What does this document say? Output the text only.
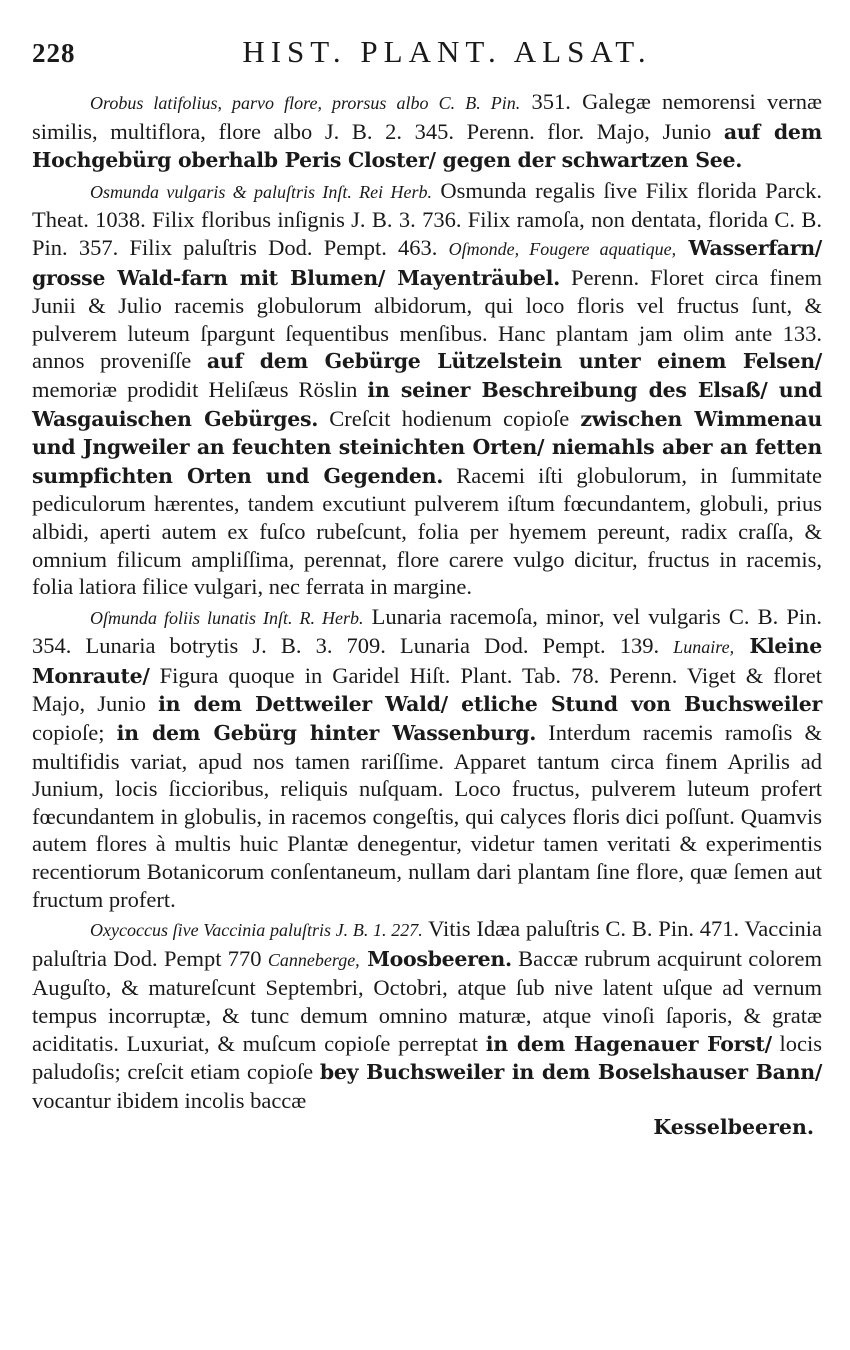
228	HIST. PLANT. ALSAT.

Orobus latifolius, parvo flore, prorsus albo C. B. Pin. 351. Galegæ nemorensi vernæ similis, multiflora, flore albo J. B. 2. 345. Perenn. flor. Majo, Junio auf dem Hochgebürg oberhalb Peris Closter/ gegen der schwartzen See.

Osmunda vulgaris & paluſtris Inſt. Rei Herb. Osmunda regalis ſive Filix florida Parck. Theat. 1038. Filix floribus inſignis J. B. 3. 736. Filix ramoſa, non dentata, florida C. B. Pin. 357. Filix paluſtris Dod. Pempt. 463. Oſmonde, Fougere aquatique, Wasserfarn/ grosse Wald-farn mit Blumen/ Mayenträubel. Perenn. Floret circa finem Junii & Julio racemis globulorum albidorum, qui loco floris vel fructus ſunt, & pulverem luteum ſpargunt ſequentibus menſibus. Hanc plantam jam olim ante 133. annos proveniſſe auf dem Gebürge Lützelstein unter einem Felsen/ memoriæ prodidit Heliſæus Röslin in seiner Beschreibung des Elsaß/ und Wasgauischen Gebürges. Creſcit hodienum copioſe zwischen Wimmenau und Jngweiler an feuchten steinichten Orten/ niemahls aber an fetten sumpfichten Orten und Gegenden. Racemi iſti globulorum, in ſummitate pediculorum hærentes, tandem excutiunt pulverem iſtum fœcundantem, globuli, prius albidi, aperti autem ex fuſco rubeſcunt, folia per hyemem pereunt, radix craſſa, & omnium filicum ampliſſima, perennat, flore carere vulgo dicitur, fructus in racemis, folia latiora filice vulgari, nec ferrata in margine.

Oſmunda foliis lunatis Inſt. R. Herb. Lunaria racemoſa, minor, vel vulgaris C. B. Pin. 354. Lunaria botrytis J. B. 3. 709. Lunaria Dod. Pempt. 139. Lunaire, Kleine Monraute/ Figura quoque in Garidel Hiſt. Plant. Tab. 78. Perenn. Viget & floret Majo, Junio in dem Dettweiler Wald/ etliche Stund von Buchsweiler copioſe; in dem Gebürg hinter Wassenburg. Interdum racemis ramoſis & multifidis variat, apud nos tamen rariſſime. Apparet tantum circa finem Aprilis ad Junium, locis ſiccioribus, reliquis nuſquam. Loco fructus, pulverem luteum profert fœcundantem in globulis, in racemos congeſtis, qui calyces floris dici poſſunt. Quamvis autem flores à multis huic Plantæ denegentur, videtur tamen veritati & experimentis recentiorum Botanicorum conſentaneum, nullam dari plantam ſine flore, quæ ſemen aut fructum profert.

Oxycoccus ſive Vaccinia paluſtris J. B. 1. 227. Vitis Idæa paluſtris C. B. Pin. 471. Vaccinia paluſtria Dod. Pempt 770 Canneberge, Moosbeeren. Baccæ rubrum acquirunt colorem Auguſto, & matureſcunt Septembri, Octobri, atque ſub nive latent uſque ad vernum tempus incorruptæ, & tunc demum omnino maturæ, atque vinoſi ſaporis, & gratæ aciditatis. Luxuriat, & muſcum copioſe perreptat in dem Hagenauer Forst/ locis paludoſis; creſcit etiam copioſe bey Buchsweiler in dem Boselshauser Bann/ vocantur ibidem incolis baccæ
Kesselbeeren.
